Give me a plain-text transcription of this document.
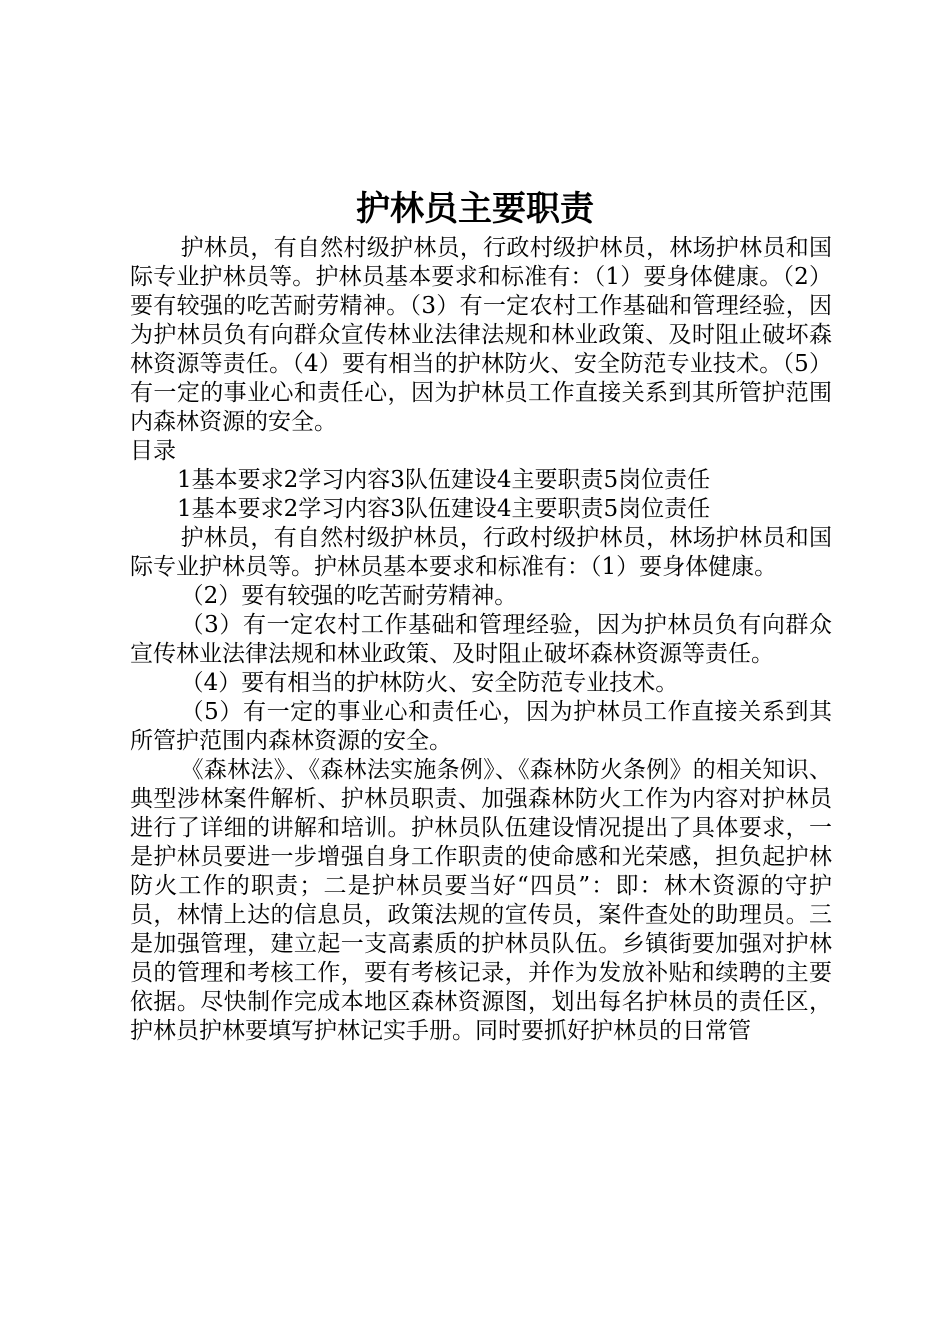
护林员主要职责

护林员，有自然村级护林员，行政村级护林员，林场护林员和国际专业护林员等。护林员基本要求和标准有：（1）要身体健康。（2）要有较强的吃苦耐劳精神。（3）有一定农村工作基础和管理经验，因为护林员负有向群众宣传林业法律法规和林业政策、及时阻止破坏森林资源等责任。（4）要有相当的护林防火、安全防范专业技术。（5）有一定的事业心和责任心，因为护林员工作直接关系到其所管护范围内森林资源的安全。

目录

1基本要求2学习内容3队伍建设4主要职责5岗位责任

1基本要求2学习内容3队伍建设4主要职责5岗位责任

护林员，有自然村级护林员，行政村级护林员，林场护林员和国际专业护林员等。护林员基本要求和标准有：（1）要身体健康。

（2）要有较强的吃苦耐劳精神。

（3）有一定农村工作基础和管理经验，因为护林员负有向群众宣传林业法律法规和林业政策、及时阻止破坏森林资源等责任。

（4）要有相当的护林防火、安全防范专业技术。

（5）有一定的事业心和责任心，因为护林员工作直接关系到其所管护范围内森林资源的安全。

《森林法》、《森林法实施条例》、《森林防火条例》的相关知识、典型涉林案件解析、护林员职责、加强森林防火工作为内容对护林员进行了详细的讲解和培训。护林员队伍建设情况提出了具体要求，一是护林员要进一步增强自身工作职责的使命感和光荣感，担负起护林防火工作的职责；二是护林员要当好“四员”：即：林木资源的守护员，林情上达的信息员，政策法规的宣传员，案件查处的助理员。三是加强管理，建立起一支高素质的护林员队伍。乡镇街要加强对护林员的管理和考核工作，要有考核记录，并作为发放补贴和续聘的主要依据。尽快制作完成本地区森林资源图，划出每名护林员的责任区，护林员护林要填写护林记实手册。同时要抓好护林员的日常管
